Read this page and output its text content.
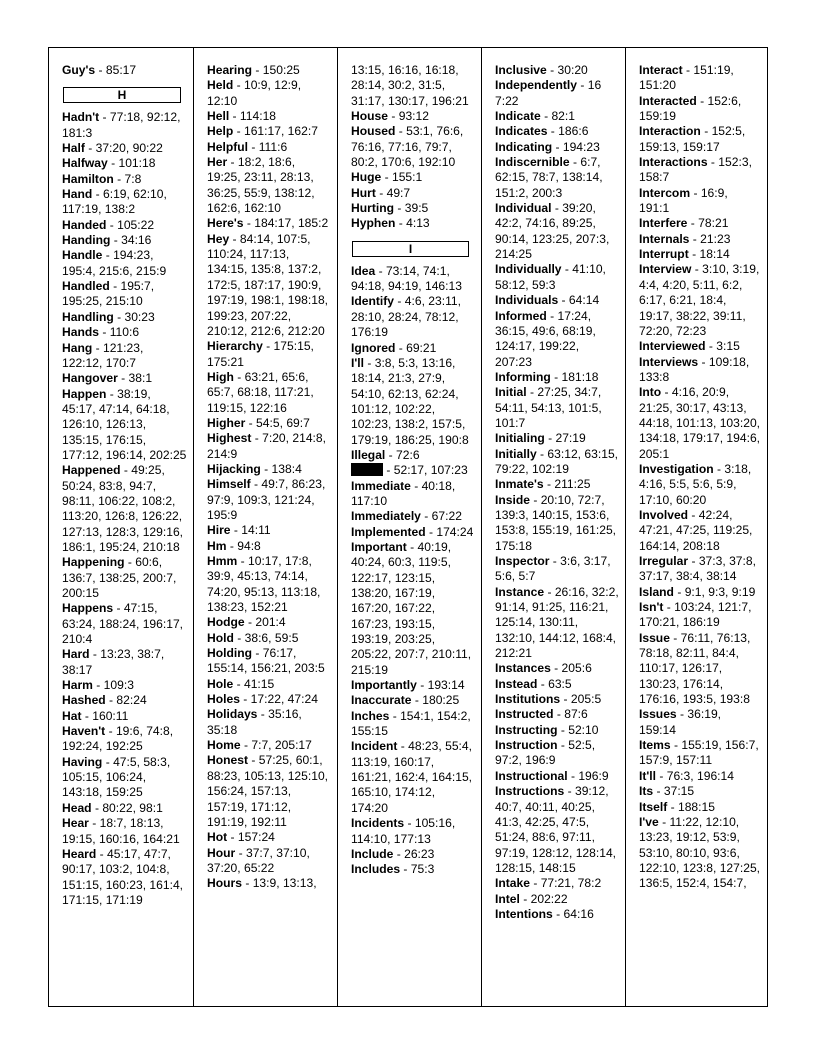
Guy's - 85:17
H
Hadn't - 77:18, 92:12, 181:3
Half - 37:20, 90:22
Halfway - 101:18
Hamilton - 7:8
Hand - 6:19, 62:10, 117:19, 138:2
Handed - 105:22
Handing - 34:16
Handle - 194:23, 195:4, 215:6, 215:9
Handled - 195:7, 195:25, 215:10
Handling - 30:23
Hands - 110:6
Hang - 121:23, 122:12, 170:7
Hangover - 38:1
Happen - 38:19, 45:17, 47:14, 64:18, 126:10, 126:13, 135:15, 176:15, 177:12, 196:14, 202:25
Happened - 49:25, 50:24, 83:8, 94:7, 98:11, 106:22, 108:2, 113:20, 126:8, 126:22, 127:13, 128:3, 129:16, 186:1, 195:24, 210:18
Happening - 60:6, 136:7, 138:25, 200:7, 200:15
Happens - 47:15, 63:24, 188:24, 196:17, 210:4
Hard - 13:23, 38:7, 38:17
Harm - 109:3
Hashed - 82:24
Hat - 160:11
Haven't - 19:6, 74:8, 192:24, 192:25
Having - 47:5, 58:3, 105:15, 106:24, 143:18, 159:25
Head - 80:22, 98:1
Hear - 18:7, 18:13, 19:15, 160:16, 164:21
Heard - 45:17, 47:7, 90:17, 103:2, 104:8, 151:15, 160:23, 161:4, 171:15, 171:19
Hearing - 150:25
Held - 10:9, 12:9, 12:10
Hell - 114:18
Help - 161:17, 162:7
Helpful - 111:6
Her - 18:2, 18:6, 19:25, 23:11, 28:13, 36:25, 55:9, 138:12, 162:6, 162:10
Here's - 184:17, 185:2
Hey - 84:14, 107:5, 110:24, 117:13, 134:15, 135:8, 137:2, 172:5, 187:17, 190:9, 197:19, 198:1, 198:18, 199:23, 207:22, 210:12, 212:6, 212:20
Hierarchy - 175:15, 175:21
High - 63:21, 65:6, 65:7, 68:18, 117:21, 119:15, 122:16
Higher - 54:5, 69:7
Highest - 7:20, 214:8, 214:9
Hijacking - 138:4
Himself - 49:7, 86:23, 97:9, 109:3, 121:24, 195:9
Hire - 14:11
Hm - 94:8
Hmm - 10:17, 17:8, 39:9, 45:13, 74:14, 74:20, 95:13, 113:18, 138:23, 152:21
Hodge - 201:4
Hold - 38:6, 59:5
Holding - 76:17, 155:14, 156:21, 203:5
Hole - 41:15
Holes - 17:22, 47:24
Holidays - 35:16, 35:18
Home - 7:7, 205:17
Honest - 57:25, 60:1, 88:23, 105:13, 125:10, 156:24, 157:13, 157:19, 171:12, 191:19, 192:11
Hot - 157:24
Hour - 37:7, 37:10, 37:20, 65:22
Hours - 13:9, 13:13,
13:15, 16:16, 16:18, 28:14, 30:2, 31:5, 31:17, 130:17, 196:21
House - 93:12
Housed - 53:1, 76:6, 76:16, 77:16, 79:7, 80:2, 170:6, 192:10
Huge - 155:1
Hurt - 49:7
Hurting - 39:5
Hyphen - 4:13
I
Idea - 73:14, 74:1, 94:18, 94:19, 146:13
Identify - 4:6, 23:11, 28:10, 28:24, 78:12, 176:19
Ignored - 69:21
I'll - 3:8, 5:3, 13:16, 18:14, 21:3, 27:9, 54:10, 62:13, 62:24, 101:12, 102:22, 102:23, 138:2, 157:5, 179:19, 186:25, 190:8
Illegal - 72:6
- 52:17, 107:23
Immediate - 40:18, 117:10
Immediately - 67:22
Implemented - 174:24
Important - 40:19, 40:24, 60:3, 119:5, 122:17, 123:15, 138:20, 167:19, 167:20, 167:22, 167:23, 193:15, 193:19, 203:25, 205:22, 207:7, 210:11, 215:19
Importantly - 193:14
Inaccurate - 180:25
Inches - 154:1, 154:2, 155:15
Incident - 48:23, 55:4, 113:19, 160:17, 161:21, 162:4, 164:15, 165:10, 174:12, 174:20
Incidents - 105:16, 114:10, 177:13
Include - 26:23
Includes - 75:3
Inclusive - 30:20
Independently - 16 7:22
Indicate - 82:1
Indicates - 186:6
Indicating - 194:23
Indiscernible - 6:7, 62:15, 78:7, 138:14, 151:2, 200:3
Individual - 39:20, 42:2, 74:16, 89:25, 90:14, 123:25, 207:3, 214:25
Individually - 41:10, 58:12, 59:3
Individuals - 64:14
Informed - 17:24, 36:15, 49:6, 68:19, 124:17, 199:22, 207:23
Informing - 181:18
Initial - 27:25, 34:7, 54:11, 54:13, 101:5, 101:7
Initialing - 27:19
Initially - 63:12, 63:15, 79:22, 102:19
Inmate's - 211:25
Inside - 20:10, 72:7, 139:3, 140:15, 153:6, 153:8, 155:19, 161:25, 175:18
Inspector - 3:6, 3:17, 5:6, 5:7
Instance - 26:16, 32:2, 91:14, 91:25, 116:21, 125:14, 130:11, 132:10, 144:12, 168:4, 212:21
Instances - 205:6
Instead - 63:5
Institutions - 205:5
Instructed - 87:6
Instructing - 52:10
Instruction - 52:5, 97:2, 196:9
Instructional - 196:9
Instructions - 39:12, 40:7, 40:11, 40:25, 41:3, 42:25, 47:5, 51:24, 88:6, 97:11, 97:19, 128:12, 128:14, 128:15, 148:15
Intake - 77:21, 78:2
Intel - 202:22
Intentions - 64:16
Interact - 151:19, 151:20
Interacted - 152:6, 159:19
Interaction - 152:5, 159:13, 159:17
Interactions - 152:3, 158:7
Intercom - 16:9, 191:1
Interfere - 78:21
Internals - 21:23
Interrupt - 18:14
Interview - 3:10, 3:19, 4:4, 4:20, 5:11, 6:2, 6:17, 6:21, 18:4, 19:17, 38:22, 39:11, 72:20, 72:23
Interviewed - 3:15
Interviews - 109:18, 133:8
Into - 4:16, 20:9, 21:25, 30:17, 43:13, 44:18, 101:13, 103:20, 134:18, 179:17, 194:6, 205:1
Investigation - 3:18, 4:16, 5:5, 5:6, 5:9, 17:10, 60:20
Involved - 42:24, 47:21, 47:25, 119:25, 164:14, 208:18
Irregular - 37:3, 37:8, 37:17, 38:4, 38:14
Island - 9:1, 9:3, 9:19
Isn't - 103:24, 121:7, 170:21, 186:19
Issue - 76:11, 76:13, 78:18, 82:11, 84:4, 110:17, 126:17, 130:23, 176:14, 176:16, 193:5, 193:8
Issues - 36:19, 159:14
Items - 155:19, 156:7, 157:9, 157:11
It'll - 76:3, 196:14
Its - 37:15
Itself - 188:15
I've - 11:22, 12:10, 13:23, 19:12, 53:9, 53:10, 80:10, 93:6, 122:10, 123:8, 127:25, 136:5, 152:4, 154:7,
